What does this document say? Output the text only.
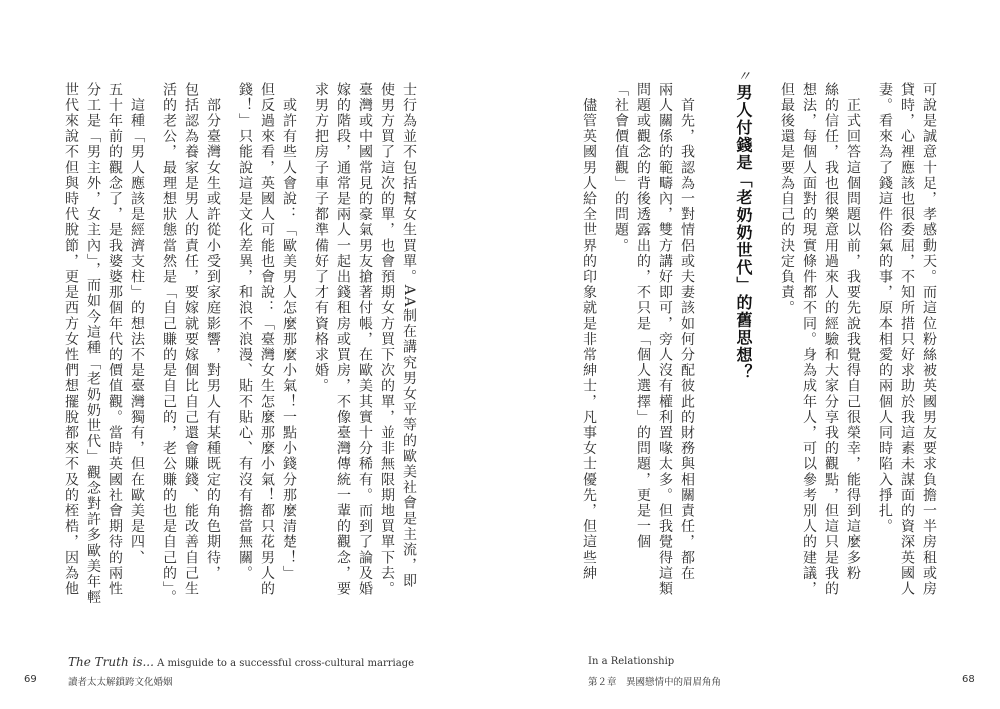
士行為並不包括幫女生買單。AA制在講究男女平等的歐美社會是主流，即
使男方買了這次的單，也會預期女方買下次的單，並非無限期地買單下去。
臺灣或中國常見的豪氣男友搶著付帳，在歐美其實十分稀有。而到了論及婚
嫁的階段，通常是兩人一起出錢租房或買房，不像臺灣傳統一輩的觀念，要
求男方把房子車子都準備好了才有資格求婚。
　或許有些人會說：「歐美男人怎麼那麼小氣！一點小錢分那麼清楚！」
但反過來看，英國人可能也會說：「臺灣女生怎麼那麼小氣！都只花男人的
錢！」只能說這是文化差異，和浪不浪漫、貼不貼心、有沒有擔當無關。
　部分臺灣女生或許從小受到家庭影響，對男人有某種既定的角色期待，
包括認為養家是男人的責任，要嫁就要嫁個比自己還會賺錢、能改善自己生
活的老公，最理想狀態當然是「自己賺的是自己的，老公賺的也是自己的」。
　這種「男人應該是經濟支柱」的想法不是臺灣獨有，但在歐美是四、
五十年前的觀念了，是我婆婆那個年代的價值觀。當時英國社會期待的兩性
分工是「男主外，女主內」，而如今這種「老奶奶世代」觀念對許多歐美年輕
世代來說不但與時代脫節，更是西方女性們想擺脫都來不及的桎梏，因為他
The Truth is... A misguide to a successful cross-cultural marriage
讀者太太解鎖跨文化婚姻
69
可說是誠意十足，孝感動天。而這位粉絲被英國男友要求負擔一半房租或房
貸時，心裡應該也很委屈，不知所措只好求助於我這素未謀面的資深英國人
妻。看來為了錢這件俗氣的事，原本相愛的兩個人同時陷入掙扎。
　正式回答這個問題以前，我要先說我覺得自己很榮幸，能得到這麼多粉
絲的信任，我也很樂意用過來人的經驗和大家分享我的觀點，但這只是我的
想法，每個人面對的現實條件都不同。身為成年人，可以參考別人的建議，
但最後還是要為自己的決定負責。
〃
男人付錢是「老奶奶世代」的舊思想？
　首先，我認為一對情侶或夫妻該如何分配彼此的財務與相關責任，都在
兩人關係的範疇內，雙方講好即可，旁人沒有權利置喙太多。但我覺得這類
問題或觀念的背後透露出的，不只是「個人選擇」的問題，更是一個
「社會價值觀」的問題。
　儘管英國男人給全世界的印象就是非常紳士，凡事女士優先，但這些紳
In a Relationship
第２章　異國戀情中的眉眉角角	68
